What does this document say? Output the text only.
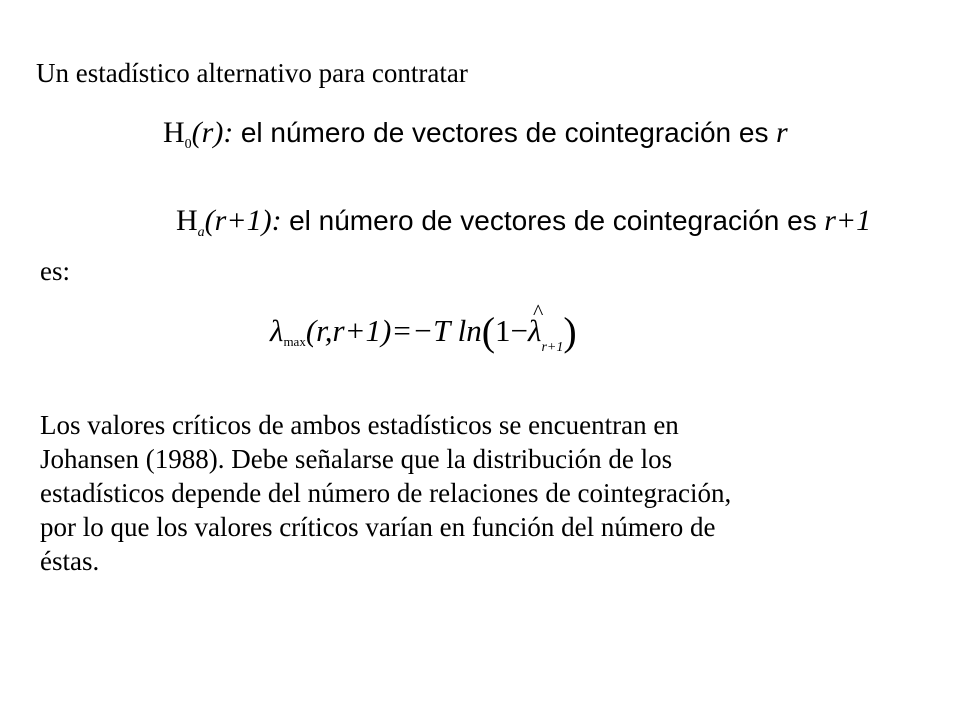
Un estadístico alternativo para contratar
$H_0(r)$: el número de vectores de cointegración es r
$H_a(r+1)$: el número de vectores de cointegración es r+1
es:
$\lambda_{max}(r,r+1)=-T$ ln(1−^ $\lambda_{r+1}$)
Los valores críticos de ambos estadísticos se encuentran en
Johansen (1988). Debe señalarse que la distribución de los
estadísticos depende del número de relaciones de cointegración,
por lo que los valores críticos varían en función del número de
éstas.
